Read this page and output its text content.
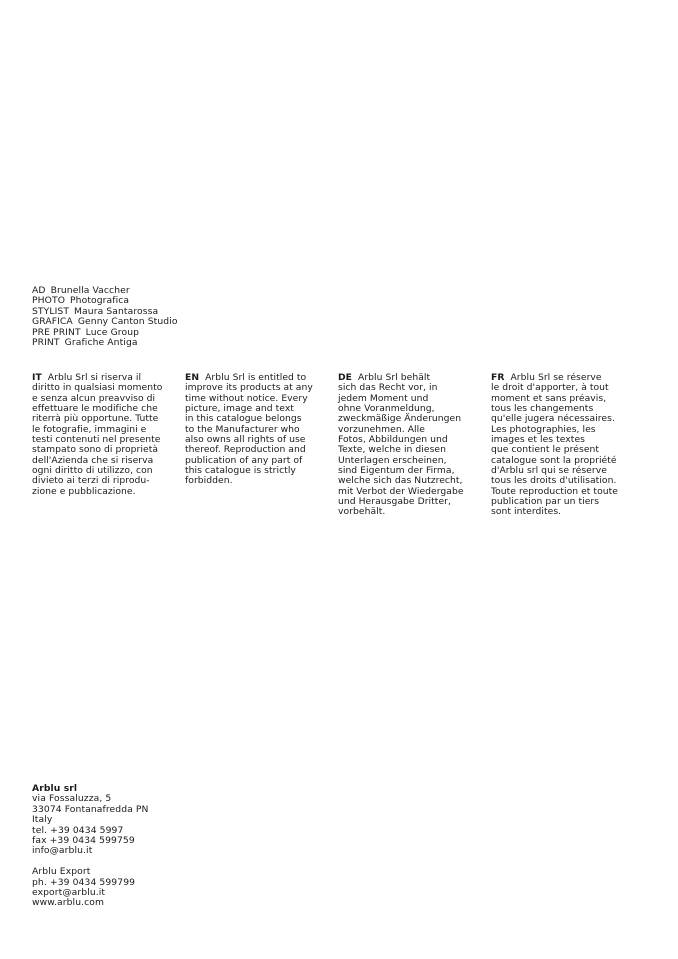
AD Brunella Vaccher
PHOTO Photografica
STYLIST Maura Santarossa
GRAFICA Genny Canton Studio
PRE PRINT Luce Group
PRINT Grafiche Antiga
IT Arblu Srl si riserva il
diritto in qualsiasi momento
e senza alcun preavviso di
effettuare le modifiche che
riterrà più opportune. Tutte
le fotografie, immagini e
testi contenuti nel presente
stampato sono di proprietà
dell'Azienda che si riserva
ogni diritto di utilizzo, con
divieto ai terzi di riprodu-
zione e pubblicazione.
EN Arblu Srl is entitled to
improve its products at any
time without notice. Every
picture, image and text
in this catalogue belongs
to the Manufacturer who
also owns all rights of use
thereof. Reproduction and
publication of any part of
this catalogue is strictly
forbidden.
DE Arblu Srl behält
sich das Recht vor, in
jedem Moment und
ohne Voranmeldung,
zweckmäßige Änderungen
vorzunehmen. Alle
Fotos, Abbildungen und
Texte, welche in diesen
Unterlagen erscheinen,
sind Eigentum der Firma,
welche sich das Nutzrecht,
mit Verbot der Wiedergabe
und Herausgabe Dritter,
vorbehält.
FR Arblu Srl se réserve
le droit d'apporter, à tout
moment et sans préavis,
tous les changements
qu'elle jugera nécessaires.
Les photographies, les
images et les textes
que contient le présent
catalogue sont la propriété
d'Arblu srl qui se réserve
tous les droits d'utilisation.
Toute reproduction et toute
publication par un tiers
sont interdites.
Arblu srl
via Fossaluzza, 5
33074 Fontanafredda PN
Italy
tel. +39 0434 5997
fax +39 0434 599759
info@arblu.it
Arblu Export
ph. +39 0434 599799
export@arblu.it
www.arblu.com
